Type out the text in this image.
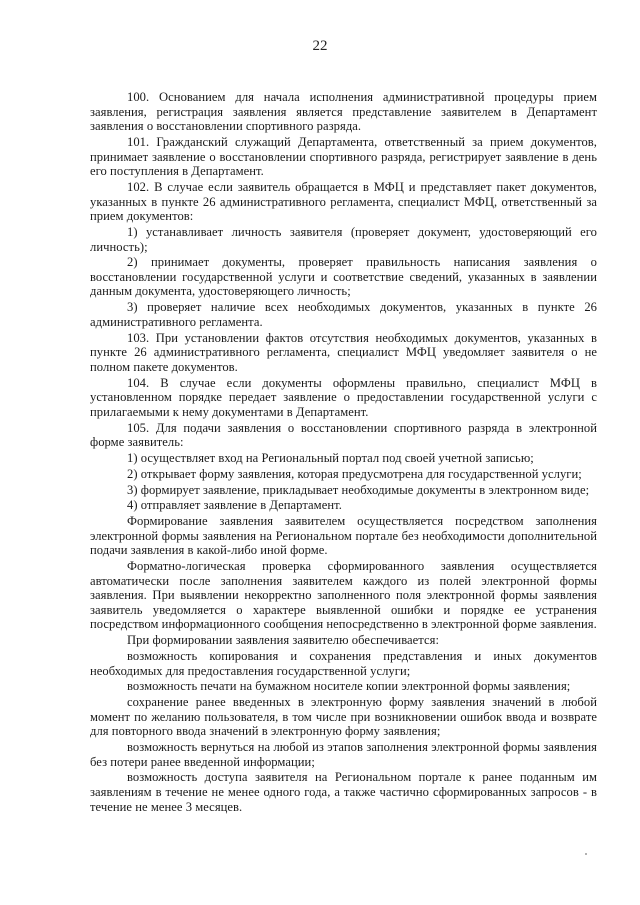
22

100. Основанием для начала исполнения административной процедуры прием заявления, регистрация заявления является представление заявителем в Департамент заявления о восстановлении спортивного разряда.

101. Гражданский служащий Департамента, ответственный за прием документов, принимает заявление о восстановлении спортивного разряда, регистрирует заявление в день его поступления в Департамент.

102. В случае если заявитель обращается в МФЦ и представляет пакет документов, указанных в пункте 26 административного регламента, специалист МФЦ, ответственный за прием документов:

1) устанавливает личность заявителя (проверяет документ, удостоверяющий его личность);

2) принимает документы, проверяет правильность написания заявления о восстановлении государственной услуги и соответствие сведений, указанных в заявлении данным документа, удостоверяющего личность;

3) проверяет наличие всех необходимых документов, указанных в пункте 26 административного регламента.

103. При установлении фактов отсутствия необходимых документов, указанных в пункте 26 административного регламента, специалист МФЦ уведомляет заявителя о не полном пакете документов.

104. В случае если документы оформлены правильно, специалист МФЦ в установленном порядке передает заявление о предоставлении государственной услуги с прилагаемыми к нему документами в Департамент.

105. Для подачи заявления о восстановлении спортивного разряда в электронной форме заявитель:

1) осуществляет вход на Региональный портал под своей учетной записью;

2) открывает форму заявления, которая предусмотрена для государственной услуги;

3) формирует заявление, прикладывает необходимые документы в электронном виде;

4) отправляет заявление в Департамент.

Формирование заявления заявителем осуществляется посредством заполнения электронной формы заявления на Региональном портале без необходимости дополнительной подачи заявления в какой-либо иной форме.

Форматно-логическая проверка сформированного заявления осуществляется автоматически после заполнения заявителем каждого из полей электронной формы заявления. При выявлении некорректно заполненного поля электронной формы заявления заявитель уведомляется о характере выявленной ошибки и порядке ее устранения посредством информационного сообщения непосредственно в электронной форме заявления.

При формировании заявления заявителю обеспечивается:

возможность копирования и сохранения представления и иных документов необходимых для предоставления государственной услуги;

возможность печати на бумажном носителе копии электронной формы заявления;

сохранение ранее введенных в электронную форму заявления значений в любой момент по желанию пользователя, в том числе при возникновении ошибок ввода и возврате для повторного ввода значений в электронную форму заявления;

возможность вернуться на любой из этапов заполнения электронной формы заявления без потери ранее введенной информации;

возможность доступа заявителя на Региональном портале к ранее поданным им заявлениям в течение не менее одного года, а также частично сформированных запросов - в течение не менее 3 месяцев.
